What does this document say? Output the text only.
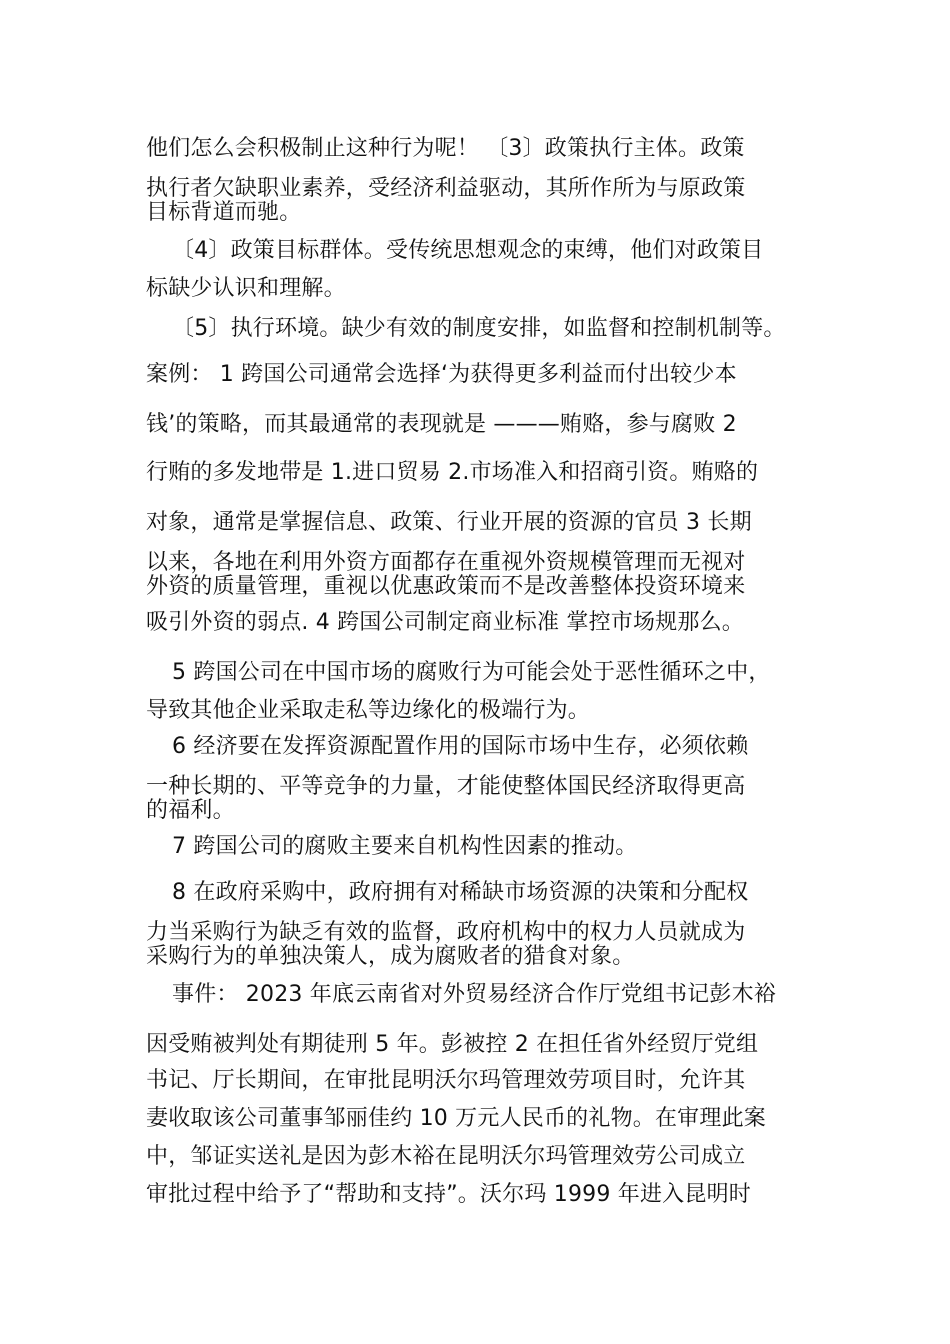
他们怎么会积极制止这种行为呢！ 〔3〕政策执行主体。政策
执行者欠缺职业素养，受经济利益驱动，其所作所为与原政策
目标背道而驰。
〔4〕政策目标群体。受传统思想观念的束缚，他们对政策目
标缺少认识和理解。
〔5〕执行环境。缺少有效的制度安排，如监督和控制机制等。
案例： 1 跨国公司通常会选择‘为获得更多利益而付出较少本
钱’的策略，而其最通常的表现就是 ———贿赂，参与腐败 2
行贿的多发地带是 1.进口贸易 2.市场准入和招商引资。贿赂的
对象，通常是掌握信息、政策、行业开展的资源的官员 3 长期
以来，各地在利用外资方面都存在重视外资规模管理而无视对
外资的质量管理，重视以优惠政策而不是改善整体投资环境来
吸引外资的弱点. 4 跨国公司制定商业标准 掌控市场规那么。
5 跨国公司在中国市场的腐败行为可能会处于恶性循环之中，
导致其他企业采取走私等边缘化的极端行为。
6 经济要在发挥资源配置作用的国际市场中生存，必须依赖
一种长期的、平等竞争的力量，才能使整体国民经济取得更高
的福利。
7 跨国公司的腐败主要来自机构性因素的推动。
8 在政府采购中，政府拥有对稀缺市场资源的决策和分配权
力当采购行为缺乏有效的监督，政府机构中的权力人员就成为
采购行为的单独决策人，成为腐败者的猎食对象。
事件： 2023 年底云南省对外贸易经济合作厅党组书记彭木裕
因受贿被判处有期徒刑 5 年。彭被控 2 在担任省外经贸厅党组
书记、厅长期间，在审批昆明沃尔玛管理效劳项目时，允许其
妻收取该公司董事邹丽佳约 10 万元人民币的礼物。在审理此案
中，邹证实送礼是因为彭木裕在昆明沃尔玛管理效劳公司成立
审批过程中给予了“帮助和支持”。沃尔玛 1999 年进入昆明时
